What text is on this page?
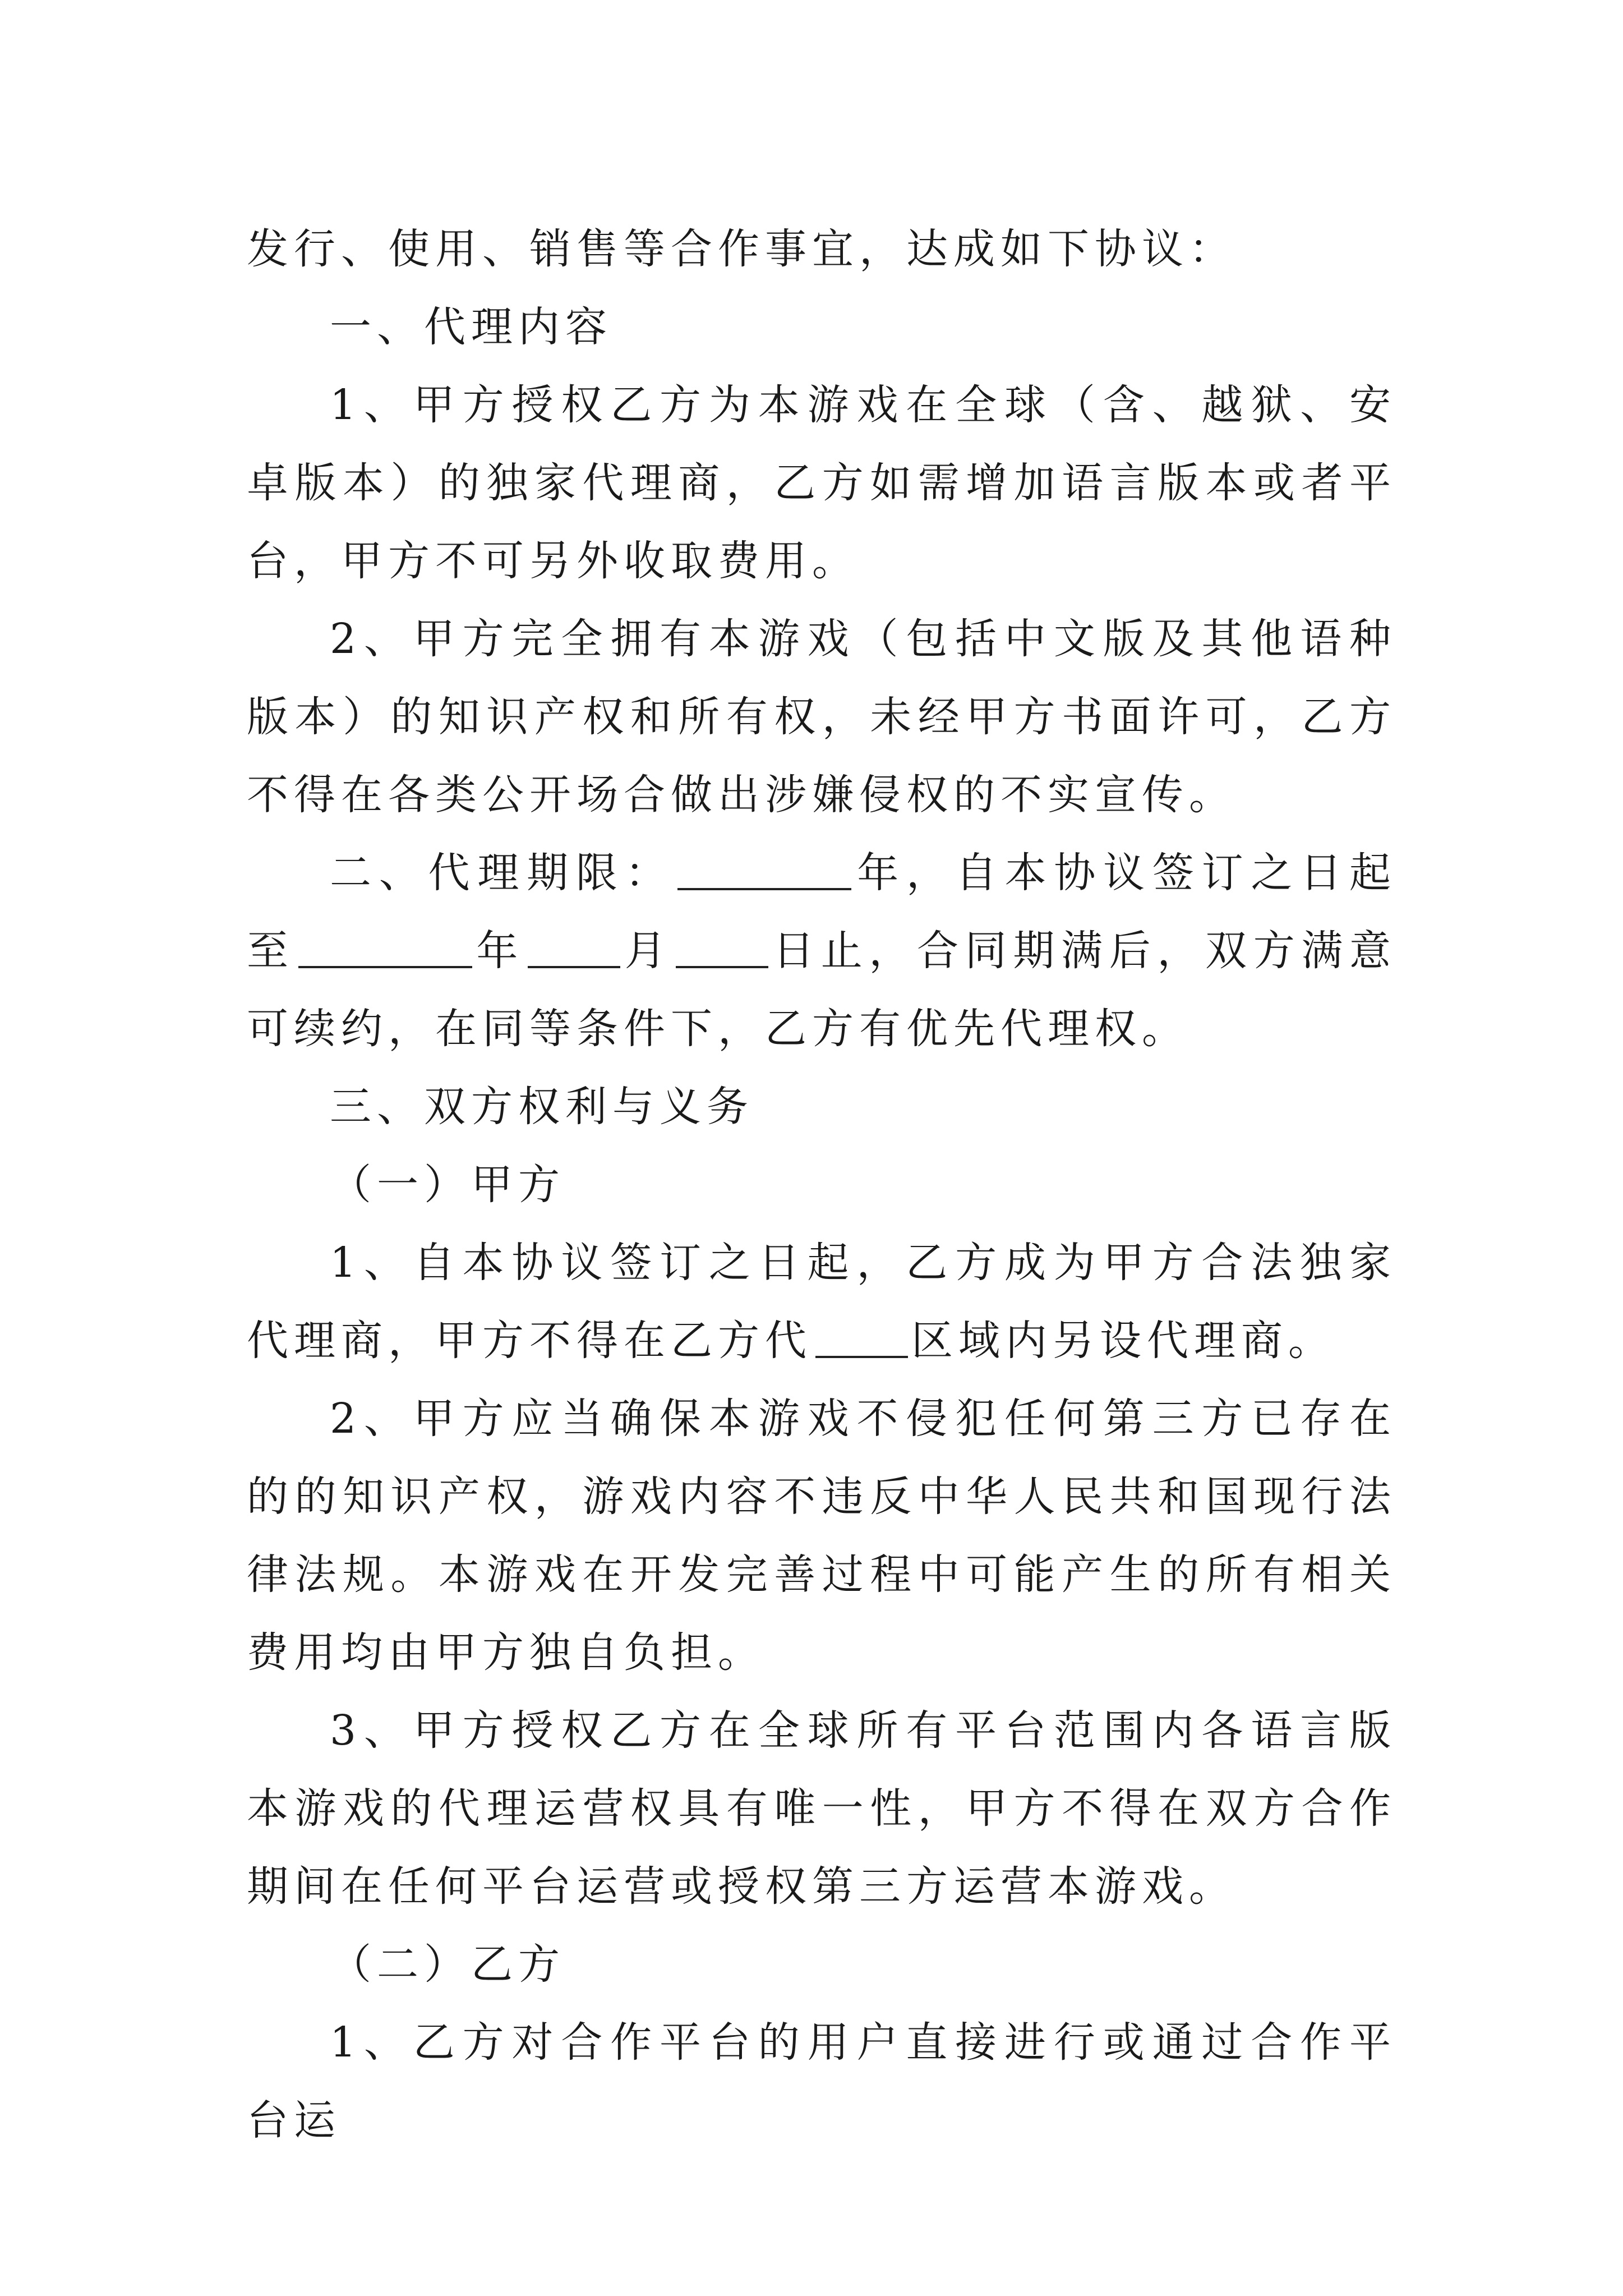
发行、使用、销售等合作事宜，达成如下协议：

一、代理内容

1、甲方授权乙方为本游戏在全球（含、越狱、安卓版本）的独家代理商，乙方如需增加语言版本或者平台，甲方不可另外收取费用。

2、甲方完全拥有本游戏（包括中文版及其他语种版本）的知识产权和所有权，未经甲方书面许可，乙方不得在各类公开场合做出涉嫌侵权的不实宣传。

二、代理期限：	年，自本协议签订之日起至	年 月 日止，合同期满后，双方满意可续约，在同等条件下，乙方有优先代理权。

三、双方权利与义务

（一）甲方

1、自本协议签订之日起，乙方成为甲方合法独家代理商，甲方不得在乙方代 区域内另设代理商。

2、甲方应当确保本游戏不侵犯任何第三方已存在的的知识产权，游戏内容不违反中华人民共和国现行法律法规。本游戏在开发完善过程中可能产生的所有相关费用均由甲方独自负担。

3、甲方授权乙方在全球所有平台范围内各语言版本游戏的代理运营权具有唯一性，甲方不得在双方合作期间在任何平台运营或授权第三方运营本游戏。

（二）乙方

1、乙方对合作平台的用户直接进行或通过合作平台运
